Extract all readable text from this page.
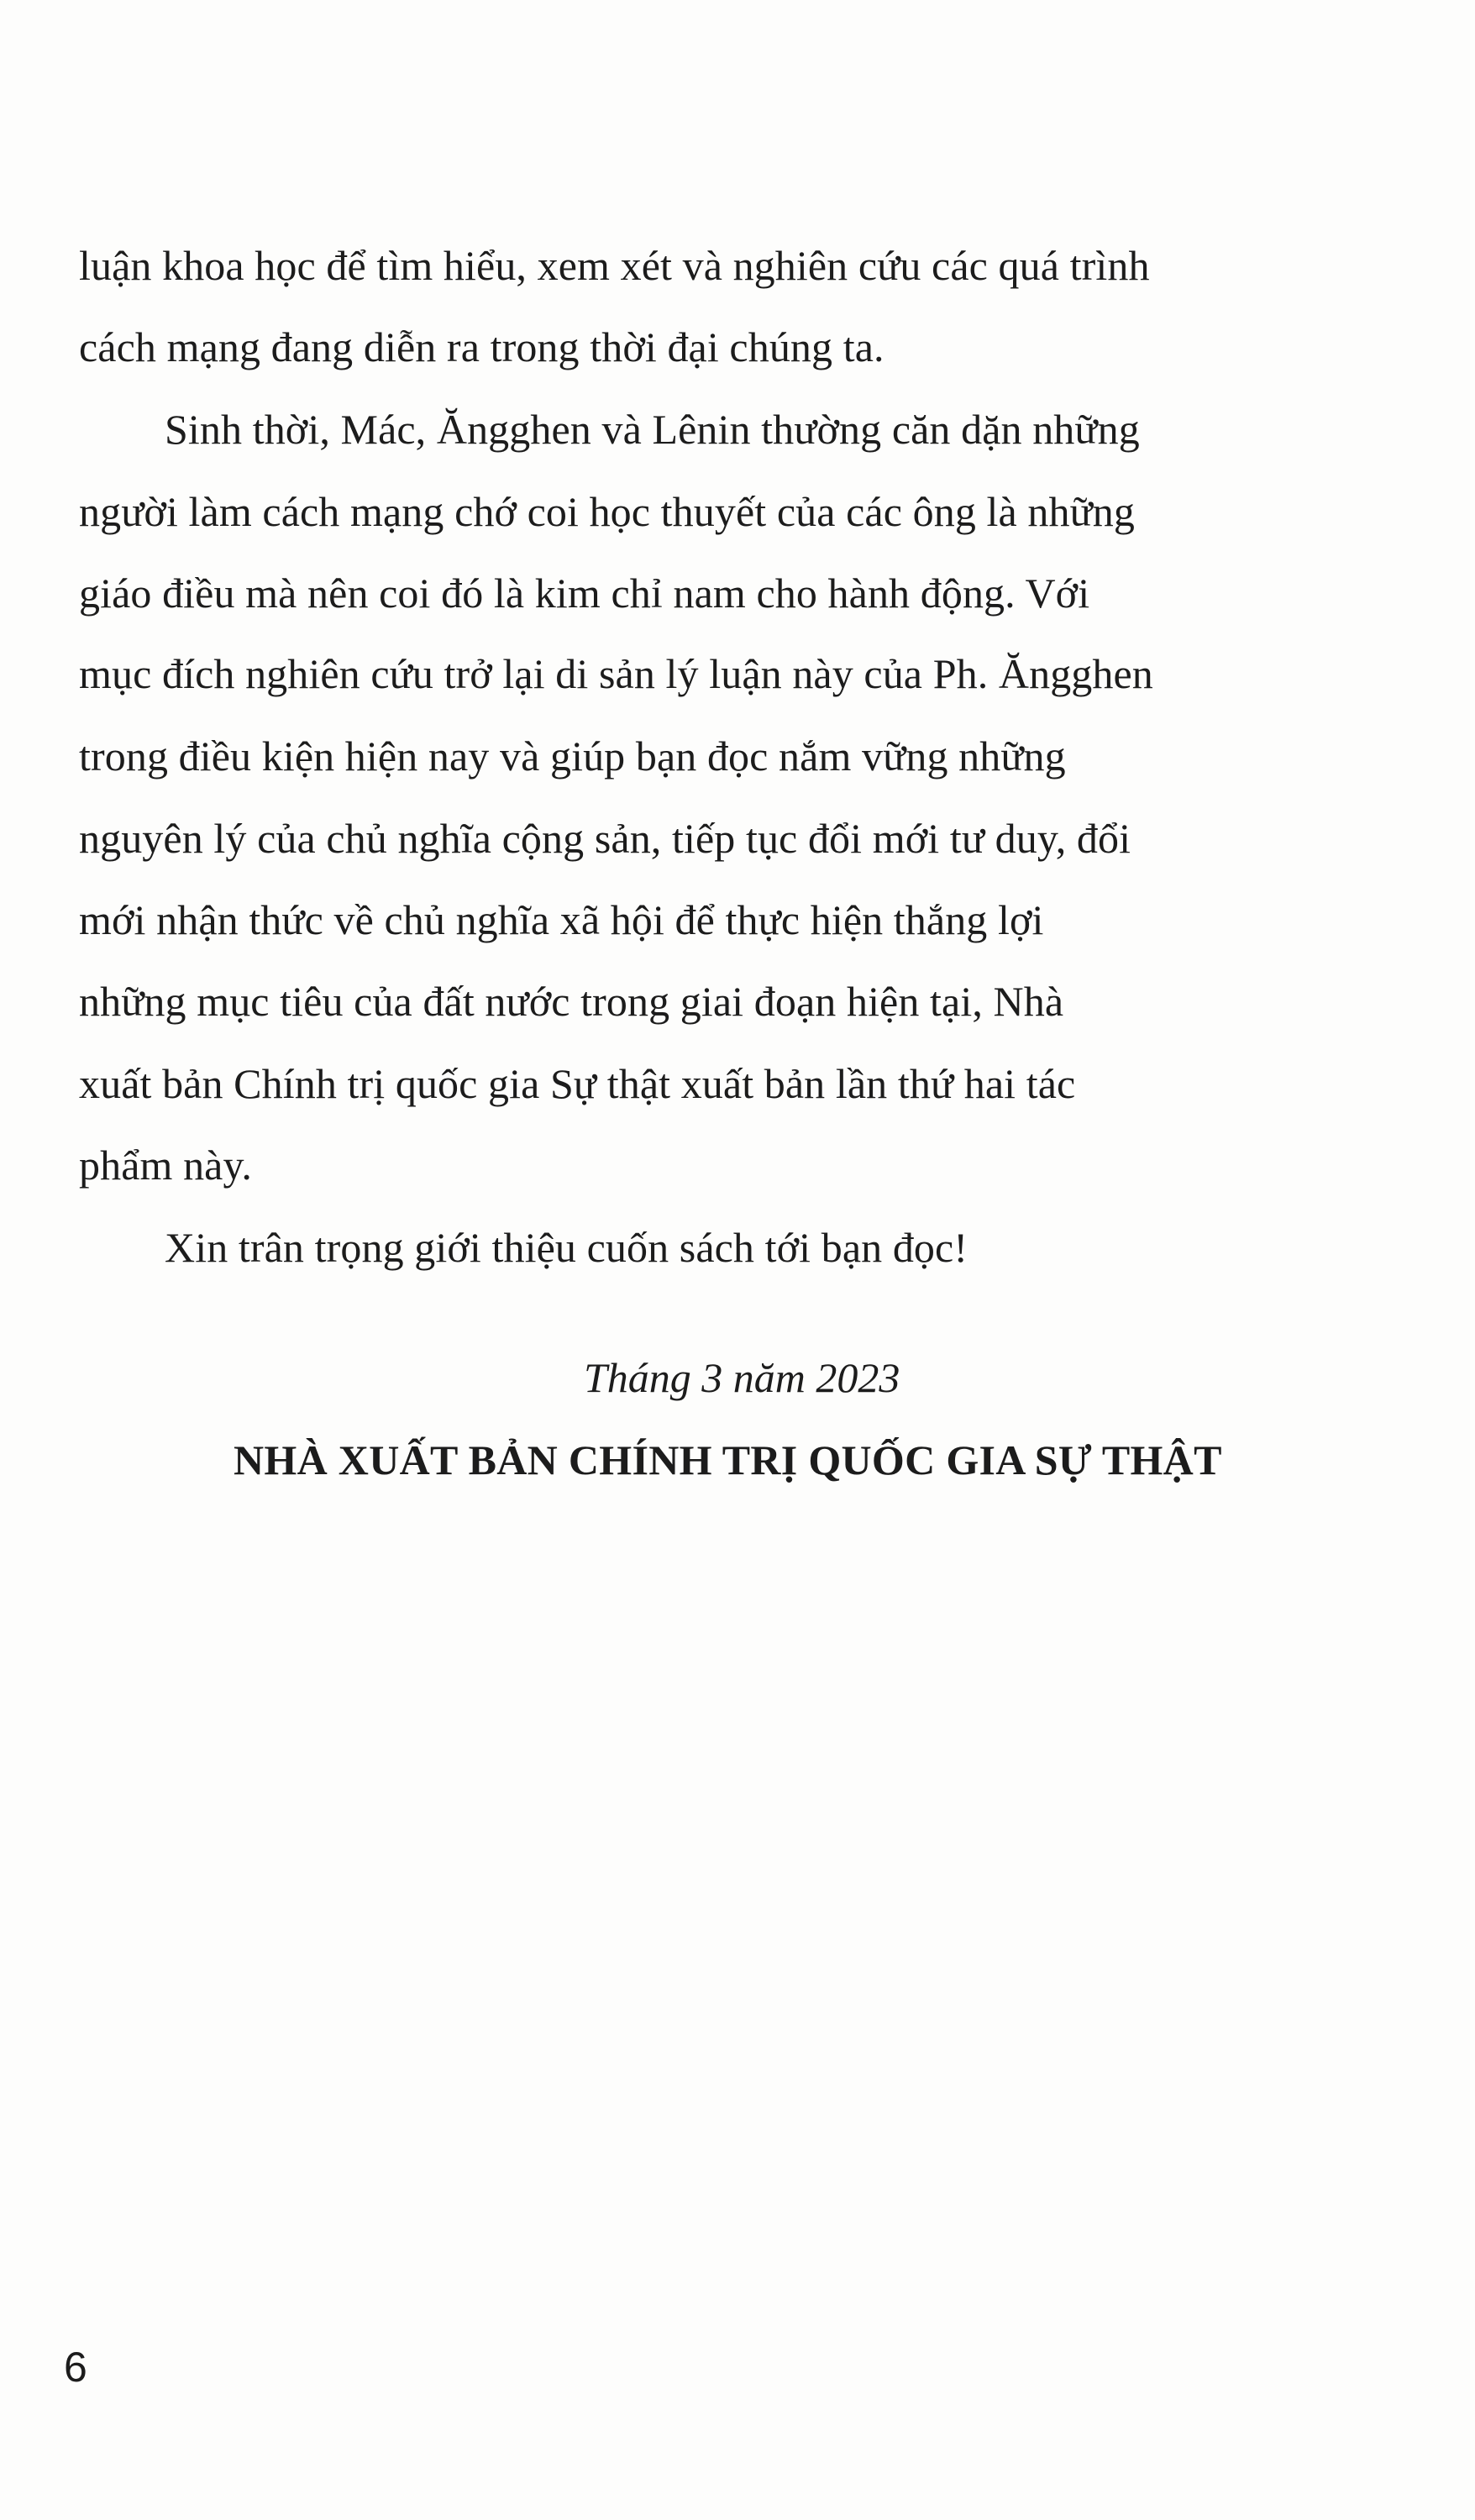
luận khoa học để tìm hiểu, xem xét và nghiên cứu các quá trình
cách mạng đang diễn ra trong thời đại chúng ta.
Sinh thời, Mác, Ăngghen và Lênin thường căn dặn những
người làm cách mạng chớ coi học thuyết của các ông là những
giáo điều mà nên coi đó là kim chỉ nam cho hành động. Với
mục đích nghiên cứu trở lại di sản lý luận này của Ph. Ăngghen
trong điều kiện hiện nay và giúp bạn đọc nắm vững những
nguyên lý của chủ nghĩa cộng sản, tiếp tục đổi mới tư duy, đổi
mới nhận thức về chủ nghĩa xã hội để thực hiện thắng lợi
những mục tiêu của đất nước trong giai đoạn hiện tại, Nhà
xuất bản Chính trị quốc gia Sự thật xuất bản lần thứ hai tác
phẩm này.
Xin trân trọng giới thiệu cuốn sách tới bạn đọc!
Tháng 3 năm 2023
NHÀ XUẤT BẢN CHÍNH TRỊ QUỐC GIA SỰ THẬT
6
